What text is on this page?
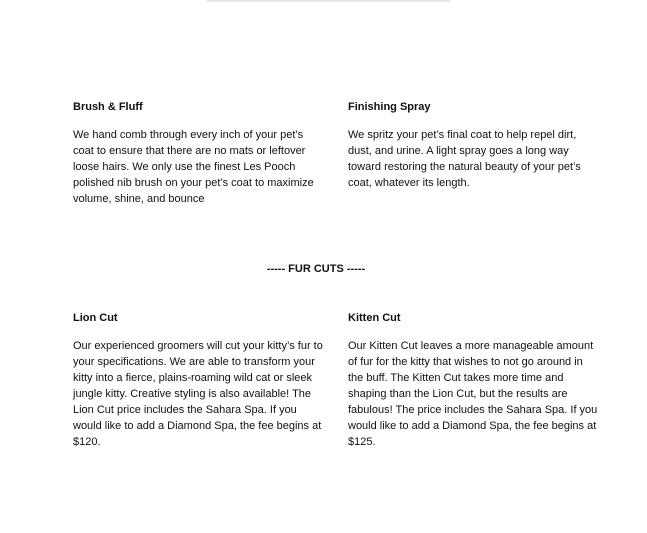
Brush & Fluff

We hand comb through every inch of your pet’s coat to ensure that there are no mats or leftover loose hairs. We only use the finest Les Pooch polished nib brush on your pet’s coat to maximize volume, shine, and bounce

Finishing Spray

We spritz your pet’s final coat to help repel dirt, dust, and urine. A light spray goes a long way toward restoring the natural beauty of your pet’s coat, whatever its length.

----- FUR CUTS -----
Lion Cut

Our experienced groomers will cut your kitty’s fur to your specifications. We are able to transform your kitty into a fierce, plains-roaming wild cat or sleek jungle kitty. Creative styling is also available! The Lion Cut price includes the Sahara Spa. If you would like to add a Diamond Spa, the fee begins at $120.

Kitten Cut

Our Kitten Cut leaves a more manageable amount of fur for the kitty that wishes to not go around in the buff. The Kitten Cut takes more time and shaping than the Lion Cut, but the results are fabulous! The price includes the Sahara Spa. If you would like to add a Diamond Spa, the fee begins at $125.
